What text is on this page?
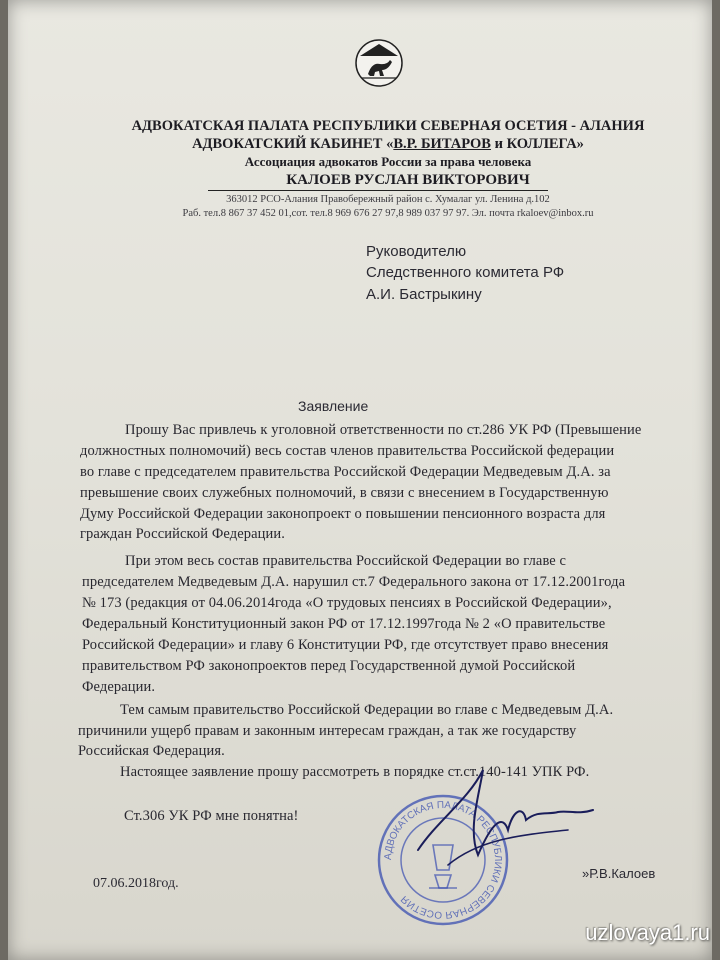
АДВОКАТСКАЯ ПАЛАТА РЕСПУБЛИКИ СЕВЕРНАЯ ОСЕТИЯ - АЛАНИЯ
АДВОКАТСКИЙ КАБИНЕТ «В.Р. БИТАРОВ и КОЛЛЕГА»
Ассоциация адвокатов России за права человека
КАЛОЕВ РУСЛАН ВИКТОРОВИЧ
363012 РСО-Алания Правобережный район с. Хумалаг ул. Ленина д.102
Раб. тел.8 867 37 452 01,сот. тел.8 969 676 27 97,8 989 037 97 97. Эл. почта rkaloev@inbox.ru
Руководителю
Следственного комитета РФ
А.И. Бастрыкину
Заявление
Прошу Вас привлечь к уголовной ответственности по ст.286 УК РФ (Превышение
должностных полномочий) весь состав членов правительства Российской федерации
во главе с председателем правительства Российской Федерации Медведевым Д.А. за
превышение своих служебных полномочий, в связи с внесением в Государственную
Думу Российской Федерации законопроект о повышении пенсионного возраста для
граждан Российской Федерации.
При этом весь состав правительства Российской Федерации во главе с
председателем Медведевым Д.А. нарушил ст.7 Федерального закона от 17.12.2001года
№ 173 (редакция от 04.06.2014года «О трудовых пенсиях в Российской Федерации»,
Федеральный Конституционный закон РФ от 17.12.1997года № 2 «О правительстве
Российской Федерации» и главу 6 Конституции РФ, где отсутствует право внесения
правительством РФ законопроектов перед Государственной думой Российской
Федерации.
Тем самым правительство Российской Федерации во главе с Медведевым Д.А.
причинили ущерб правам и законным интересам граждан, а так же государству
Российская Федерация.
Настоящее заявление прошу рассмотреть в порядке ст.ст.140-141 УПК РФ.
Ст.306 УК РФ мне понятна!
АДВОКАТСКАЯ ПАЛАТА РЕСПУБЛИКИ СЕВЕРНАЯ ОСЕТИЯ
»Р.В.Калоев
07.06.2018год.
uzlovaya1.ru
